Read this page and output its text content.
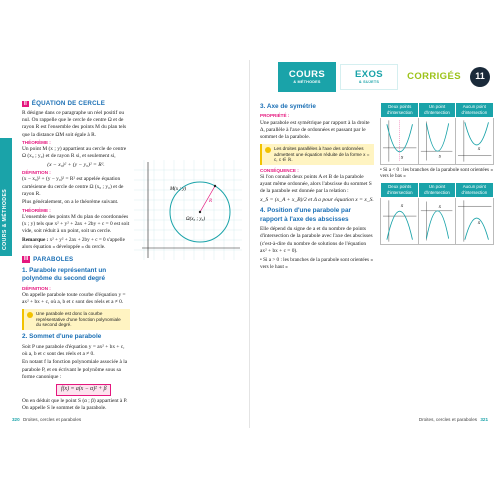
COURS & MÉTHODES
II ÉQUATION DE CERCLE

R désigne dans ce paragraphe un réel positif ou nul. On rappelle que le cercle de centre Ω et de rayon R est l'ensemble des points M du plan tels que la distance ΩM soit égale à R.

THÉORÈME :

Un point M (x ; y) appartient au cercle de centre Ω (x₀ ; y₀) et de rayon R si, et seulement si,

(x − x₀)² + (y − y₀)² = R².

DÉFINITION :

(x − x₀)² + (y − y₀)² = R² est appelée équation cartésienne du cercle de centre Ω (x₀ ; y₀) et de rayon R.

Plus généralement, on a le théorème suivant.

THÉORÈME :

L'ensemble des points M du plan de coordonnées (x ; y) tels que x² + y² + 2ax + 2by + c = 0 est soit vide, soit réduit à un point, soit un cercle.

Remarque : x² + y² + 2ax + 2by + c = 0 s'appelle alors équation « développée » du cercle.

III PARABOLES
1. Parabole représentant un polynôme du second degré
DÉFINITION :

On appelle parabole toute courbe d'équation y = ax² + bx + c, où a, b et c sont des réels et a ≠ 0.

Une parabole est donc la courbe représentative d'une fonction polynomiale du second degré.
2. Sommet d'une parabole

Soit P une parabole d'équation y = ax² + bx + c, où a, b et c sont des réels et a ≠ 0.

En notant f la fonction polynomiale associée à la parabole P, et en écrivant le polynôme sous sa forme canonique :

f(x) = a(x − α)² + β

On en déduit que le point S (α ; β) appartient à P. On appelle S le sommet de la parabole.

M(x ; y)
Ω(x₀ ; y₀)
R
320 Droites, cercles et paraboles
COURS
& MÉTHODES
EXOS
& SUJETS
CORRIGÉS	11
3. Axe de symétrie
PROPRIÉTÉ :

Une parabole est symétrique par rapport à la droite Δ, parallèle à l'axe de ordonnées et passant par le sommet de la parabole.

Les droites parallèles à l'axe des ordonnées admettent une équation réduite de la forme x = c, c ∈ ℝ.
CONSÉQUENCE :

Si l'on connaît deux points A et B de la parabole ayant même ordonnée, alors l'abscisse du sommet S de la parabole est donnée par la relation :

x_S = (x_A + x_B)/2 et Δ a pour équation x = x_S.

4. Position d'une parabole par rapport à l'axe des abscisses

Elle dépend du signe de a et du nombre de points d'intersection de la parabole avec l'axe des abscisses (c'est-à-dire du nombre de solutions de l'équation ax² + bx + c = 0).

• Si a > 0 : les branches de la parabole sont orientées « vers le haut »

Deux points d'intersection	Un point d'intersection	Aucun point d'intersection

S	S	S

• Si a < 0 : les branches de la parabole sont orientées « vers le bas »

Deux points d'intersection	Un point d'intersection	Aucun point d'intersection

S	S	S
Droites, cercles et paraboles 321
